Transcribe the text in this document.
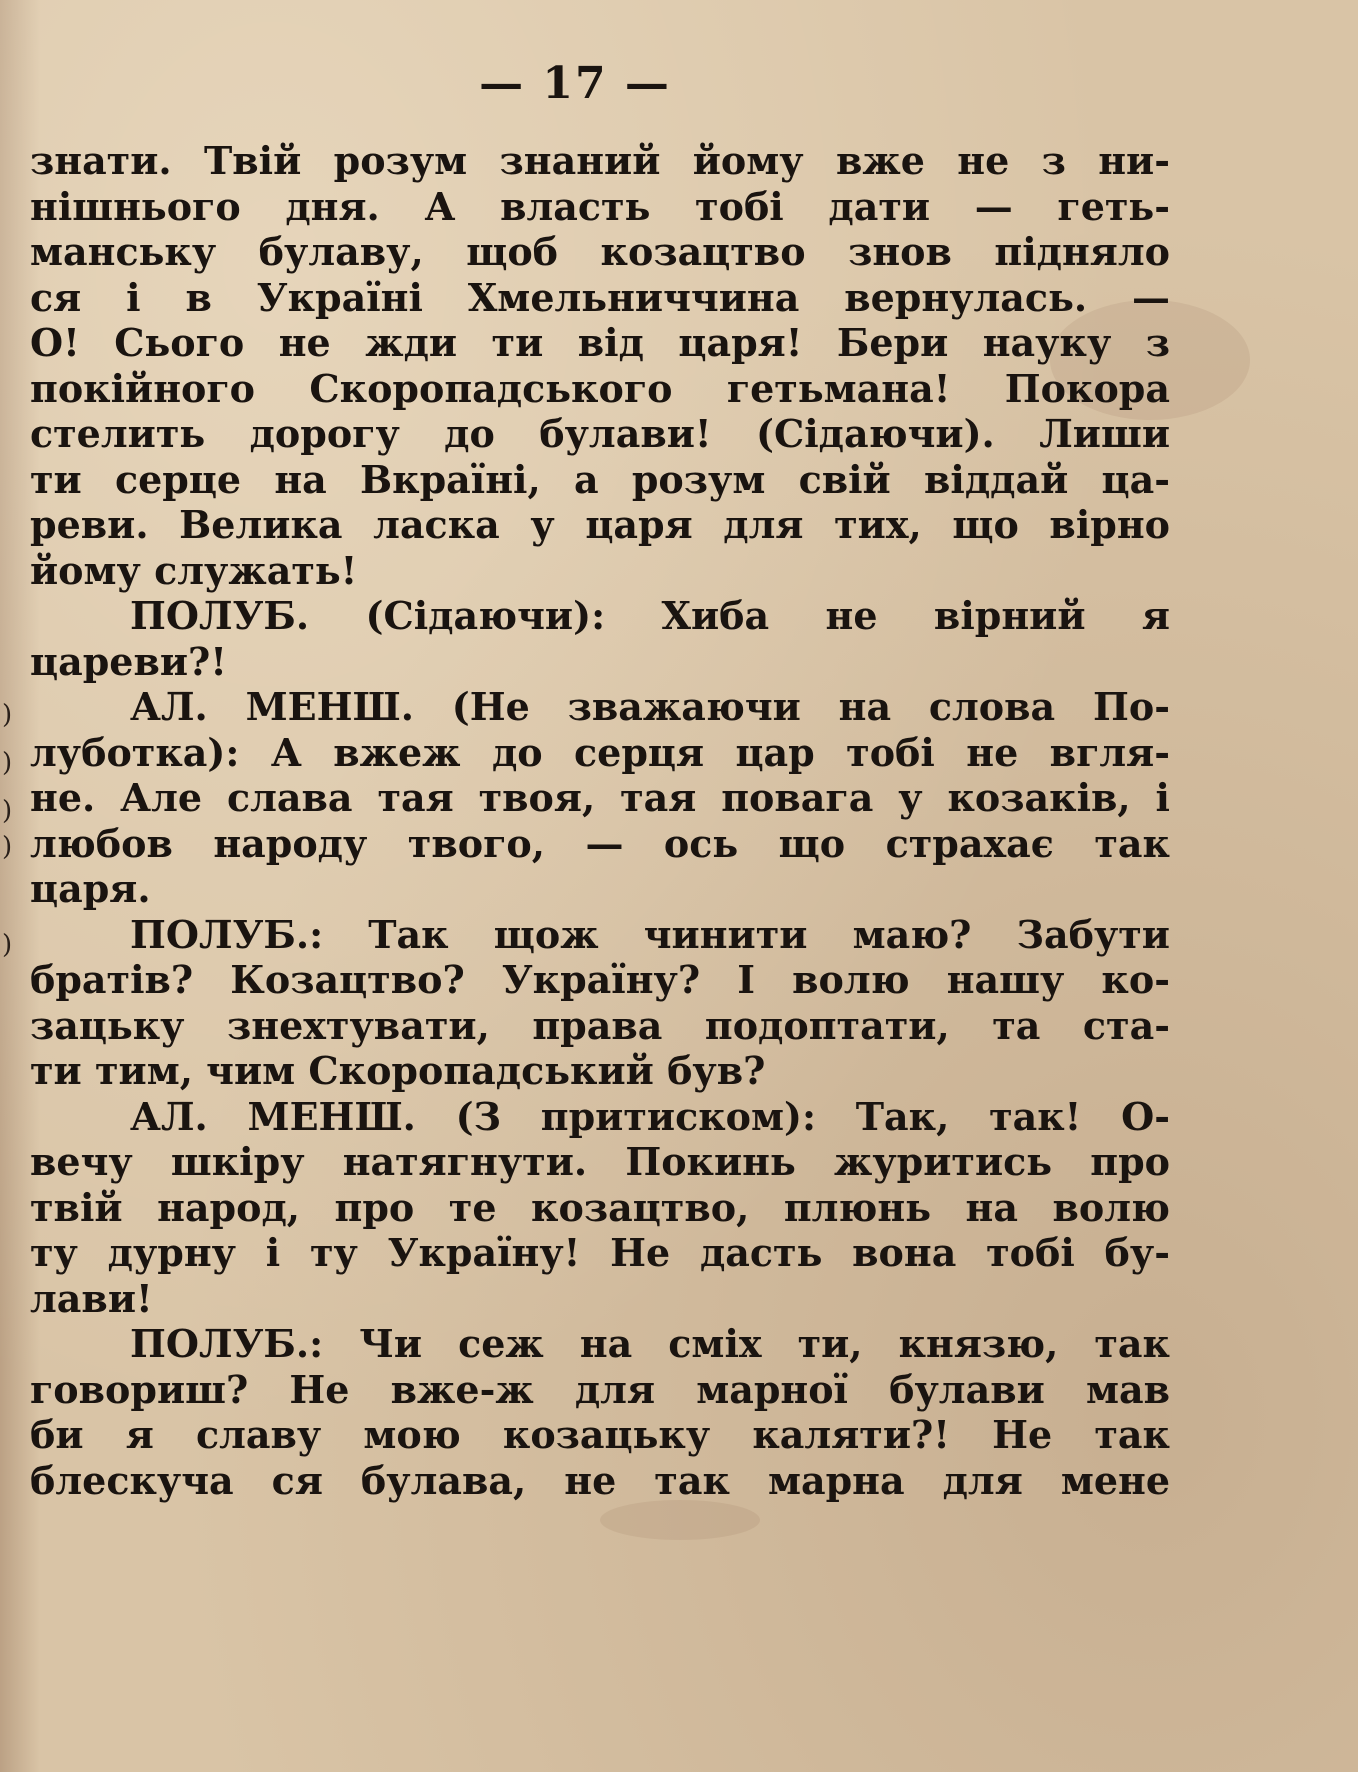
— 17 —
)
)
)
)
)
знати. Твій розум знаний йому вже не з ни-
нішнього дня. А власть тобі дати — геть-
манську булаву, щоб козацтво знов підняло
ся і в Україні Хмельниччина вернулась. —
О! Сього не жди ти від царя! Бери науку з
покійного Скоропадського гетьмана! Покора
стелить дорогу до булави! (Сідаючи). Лиши
ти серце на Вкраїні, а розум свій віддай ца-
реви. Велика ласка у царя для тих, що вірно
йому служать!
ПОЛУБ. (Сідаючи): Хиба не вірний я
цареви?!
АЛ. МЕНШ. (Не зважаючи на слова По-
лубoтка): А вжеж до серця цар тобі не вгля-
не. Але слава тая твоя, тая повага у козаків, і
любов народу твого, — ось що страхає так
царя.
ПОЛУБ.: Так щож чинити маю? Забути
братів? Козацтво? Україну? І волю нашу ко-
зацьку знехтувати, права подоптати, та ста-
ти тим, чим Скоропадський був?
АЛ. МЕНШ. (З притиском): Так, так! О-
вечу шкіру натягнути. Покинь журитись про
твій народ, про те козацтво, плюнь на волю
ту дурну і ту Україну! Не дасть вона тобі бу-
лави!
ПОЛУБ.: Чи сеж на сміх ти, князю, так
говориш? Не вже-ж для марної булави мав
би я славу мою козацьку каляти?! Не так
блескуча ся булава, не так марна для мене
